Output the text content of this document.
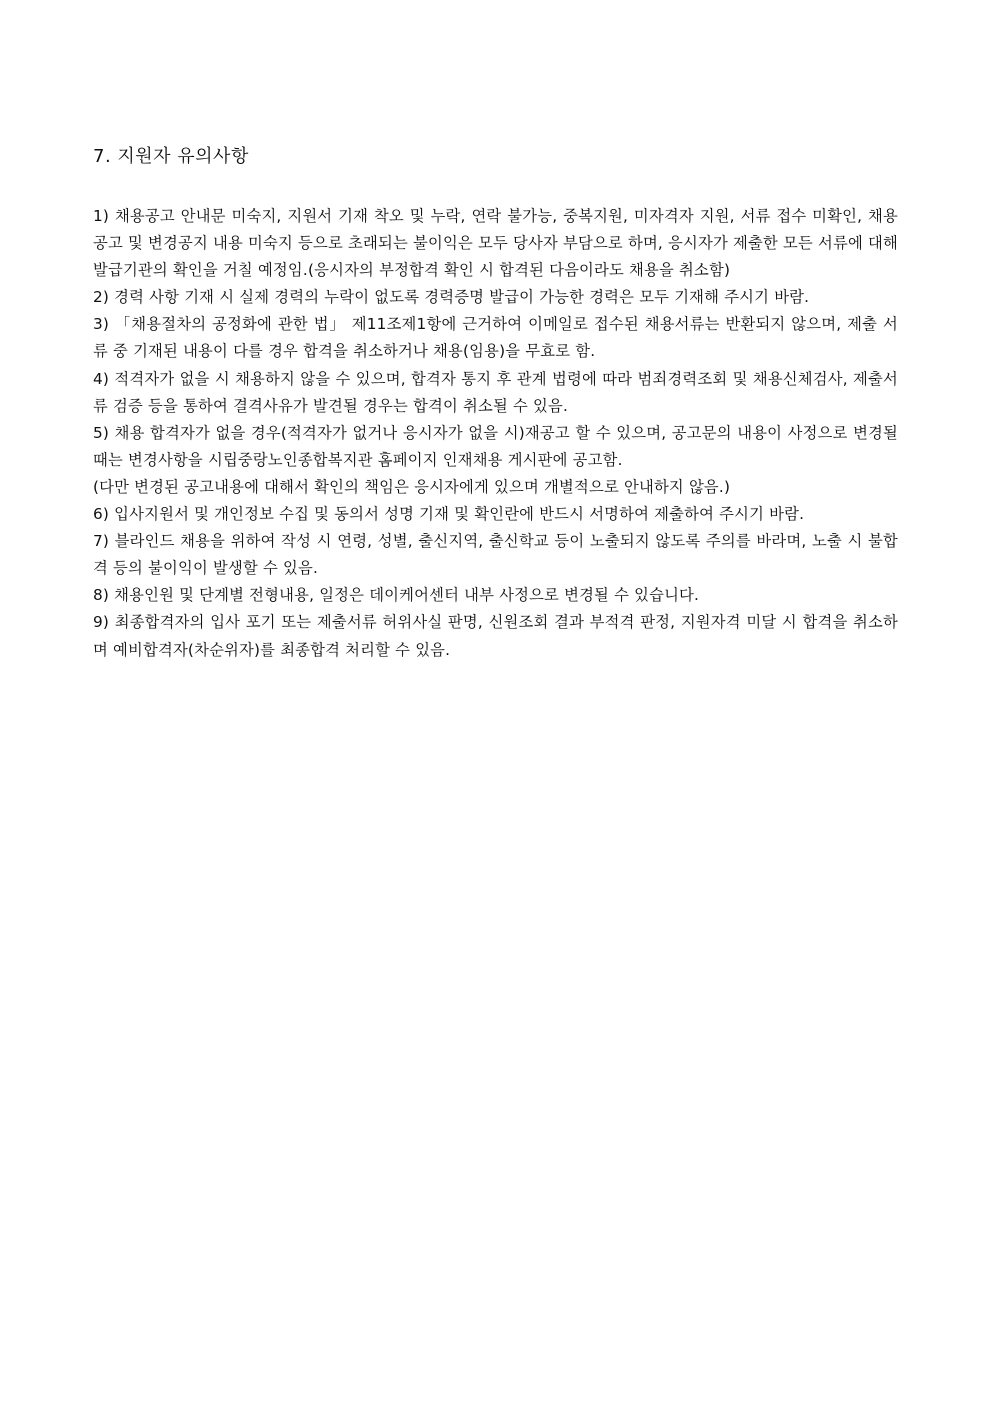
7. 지원자 유의사항

1) 채용공고 안내문 미숙지, 지원서 기재 착오 및 누락, 연락 불가능, 중복지원, 미자격자 지원, 서류 접수 미확인, 채용공고 및 변경공지 내용 미숙지 등으로 초래되는 불이익은 모두 당사자 부담으로 하며, 응시자가 제출한 모든 서류에 대해 발급기관의 확인을 거칠 예정임.(응시자의 부정합격 확인 시 합격된 다음이라도 채용을 취소함)

2) 경력 사항 기재 시 실제 경력의 누락이 없도록 경력증명 발급이 가능한 경력은 모두 기재해 주시기 바람.

3) 「채용절차의 공정화에 관한 법」 제11조제1항에 근거하여 이메일로 접수된 채용서류는 반환되지 않으며, 제출 서류 중 기재된 내용이 다를 경우 합격을 취소하거나 채용(임용)을 무효로 함.

4) 적격자가 없을 시 채용하지 않을 수 있으며, 합격자 통지 후 관계 법령에 따라 범죄경력조회 및 채용신체검사, 제출서류 검증 등을 통하여 결격사유가 발견될 경우는 합격이 취소될 수 있음.

5) 채용 합격자가 없을 경우(적격자가 없거나 응시자가 없을 시)재공고 할 수 있으며, 공고문의 내용이 사정으로 변경될 때는 변경사항을 시립중랑노인종합복지관 홈페이지 인재채용 게시판에 공고함.

(다만 변경된 공고내용에 대해서 확인의 책임은 응시자에게 있으며 개별적으로 안내하지 않음.)

6) 입사지원서 및 개인정보 수집 및 동의서 성명 기재 및 확인란에 반드시 서명하여 제출하여 주시기 바람.

7) 블라인드 채용을 위하여 작성 시 연령, 성별, 출신지역, 출신학교 등이 노출되지 않도록 주의를 바라며, 노출 시 불합격 등의 불이익이 발생할 수 있음.

8) 채용인원 및 단계별 전형내용, 일정은 데이케어센터 내부 사정으로 변경될 수 있습니다.

9) 최종합격자의 입사 포기 또는 제출서류 허위사실 판명, 신원조회 결과 부적격 판정, 지원자격 미달 시 합격을 취소하며 예비합격자(차순위자)를 최종합격 처리할 수 있음.
